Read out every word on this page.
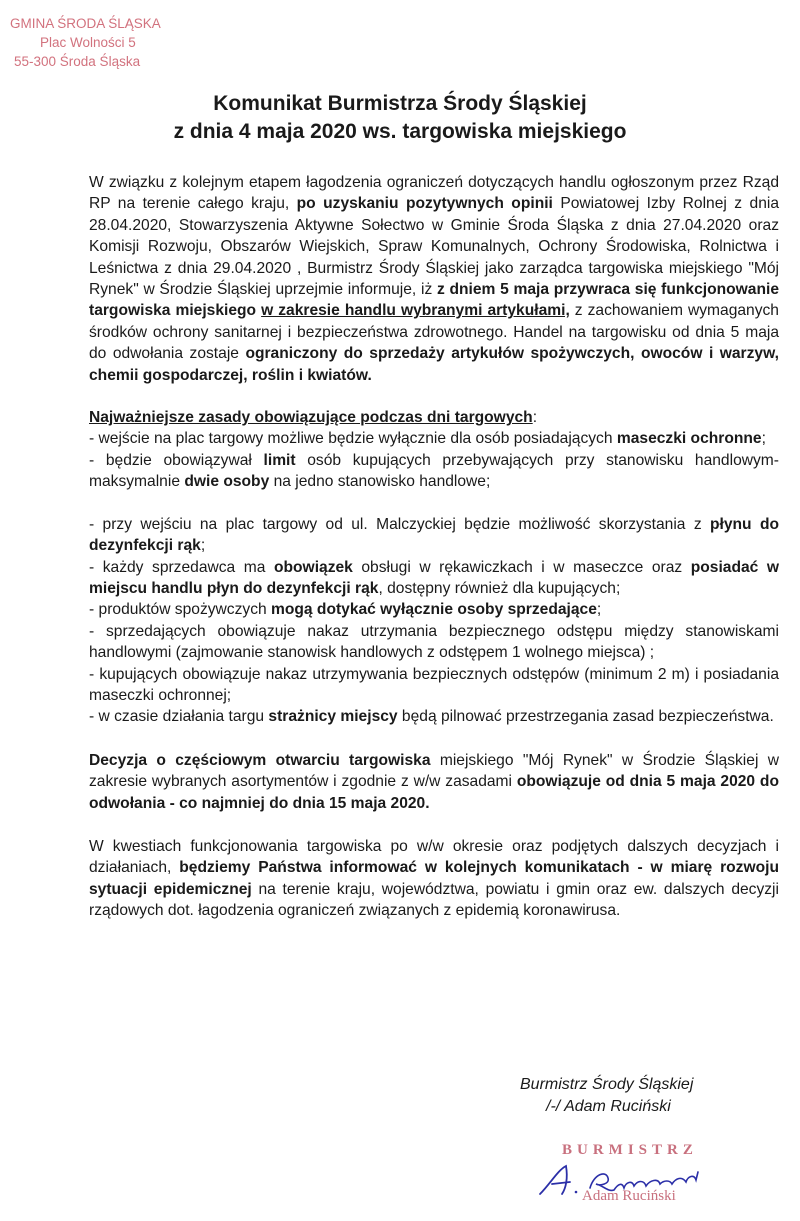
GMINA ŚRODA ŚLĄSKA
Plac Wolności 5
55-300 Środa Śląska
Komunikat Burmistrza Środy Śląskiej
z dnia 4 maja 2020 ws. targowiska miejskiego

W związku z kolejnym etapem łagodzenia ograniczeń dotyczących handlu ogłoszonym przez Rząd RP na terenie całego kraju, po uzyskaniu pozytywnych opinii Powiatowej Izby Rolnej z dnia 28.04.2020, Stowarzyszenia Aktywne Sołectwo w Gminie Środa Śląska z dnia 27.04.2020 oraz Komisji Rozwoju, Obszarów Wiejskich, Spraw Komunalnych, Ochrony Środowiska, Rolnictwa i Leśnictwa z dnia 29.04.2020 , Burmistrz Środy Śląskiej jako zarządca targowiska miejskiego "Mój Rynek" w Środzie Śląskiej uprzejmie informuje, iż z dniem 5 maja przywraca się funkcjonowanie targowiska miejskiego w zakresie handlu wybranymi artykułami, z zachowaniem wymaganych środków ochrony sanitarnej i bezpieczeństwa zdrowotnego. Handel na targowisku od dnia 5 maja do odwołania zostaje ograniczony do sprzedaży artykułów spożywczych, owoców i warzyw, chemii gospodarczej, roślin i kwiatów.

Najważniejsze zasady obowiązujące podczas dni targowych:

- wejście na plac targowy możliwe będzie wyłącznie dla osób posiadających maseczki ochronne;

- będzie obowiązywał limit osób kupujących przebywających przy stanowisku handlowym- maksymalnie dwie osoby na jedno stanowisko handlowe;

- przy wejściu na plac targowy od ul. Malczyckiej będzie możliwość skorzystania z płynu do dezynfekcji rąk;

- każdy sprzedawca ma obowiązek obsługi w rękawiczkach i w maseczce oraz posiadać w miejscu handlu płyn do dezynfekcji rąk, dostępny również dla kupujących;

- produktów spożywczych mogą dotykać wyłącznie osoby sprzedające;

- sprzedających obowiązuje nakaz utrzymania bezpiecznego odstępu między stanowiskami handlowymi (zajmowanie stanowisk handlowych z odstępem 1 wolnego miejsca) ;

- kupujących obowiązuje nakaz utrzymywania bezpiecznych odstępów (minimum 2 m) i posiadania maseczki ochronnej;

- w czasie działania targu strażnicy miejscy będą pilnować przestrzegania zasad bezpieczeństwa.

Decyzja o częściowym otwarciu targowiska miejskiego "Mój Rynek" w Środzie Śląskiej w zakresie wybranych asortymentów i zgodnie z w/w zasadami obowiązuje od dnia 5 maja 2020 do odwołania - co najmniej do dnia 15 maja 2020.

W kwestiach funkcjonowania targowiska po w/w okresie oraz podjętych dalszych decyzjach i działaniach, będziemy Państwa informować w kolejnych komunikatach - w miarę rozwoju sytuacji epidemicznej na terenie kraju, województwa, powiatu i gmin oraz ew. dalszych decyzji rządowych dot. łagodzenia ograniczeń związanych z epidemią koronawirusa.

Burmistrz Środy Śląskiej
/-/ Adam Ruciński
BURMISTRZ
Adam Ruciński
